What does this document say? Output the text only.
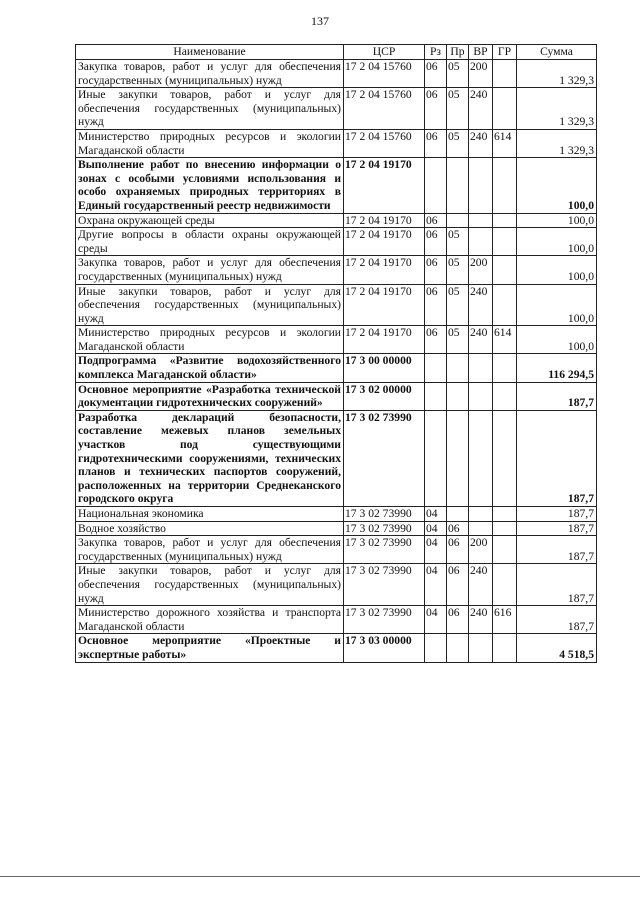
137
Наименование	ЦСР	Рз	Пр	ВР	ГР	Сумма
Закупка товаров, работ и услуг для обеспечения государственных (муниципальных) нужд	17 2 04 15760	06	05	200		1 329,3
Иные закупки товаров, работ и услуг для обеспечения государственных (муниципальных) нужд	17 2 04 15760	06	05	240		1 329,3
Министерство природных ресурсов и экологии Магаданской области	17 2 04 15760	06	05	240	614	1 329,3
Выполнение работ по внесению информации о зонах с особыми условиями использования и особо охраняемых природных территориях в Единый государственный реестр недвижимости	17 2 04 19170					100,0
Охрана окружающей среды	17 2 04 19170	06				100,0
Другие вопросы в области охраны окружающей среды	17 2 04 19170	06	05			100,0
Закупка товаров, работ и услуг для обеспечения государственных (муниципальных) нужд	17 2 04 19170	06	05	200		100,0
Иные закупки товаров, работ и услуг для обеспечения государственных (муниципальных) нужд	17 2 04 19170	06	05	240		100,0
Министерство природных ресурсов и экологии Магаданской области	17 2 04 19170	06	05	240	614	100,0
Подпрограмма «Развитие водохозяйственного комплекса Магаданской области»	17 3 00 00000					116 294,5
Основное мероприятие «Разработка технической документации гидротехнических сооружений»	17 3 02 00000					187,7
Разработка деклараций безопасности, составление межевых планов земельных участков под существующими гидротехническими сооружениями, технических планов и технических паспортов сооружений, расположенных на территории Среднеканского городского округа	17 3 02 73990					187,7
Национальная экономика	17 3 02 73990	04				187,7
Водное хозяйство	17 3 02 73990	04	06			187,7
Закупка товаров, работ и услуг для обеспечения государственных (муниципальных) нужд	17 3 02 73990	04	06	200		187,7
Иные закупки товаров, работ и услуг для обеспечения государственных (муниципальных) нужд	17 3 02 73990	04	06	240		187,7
Министерство дорожного хозяйства и транспорта Магаданской области	17 3 02 73990	04	06	240	616	187,7
Основное мероприятие «Проектные и экспертные работы»	17 3 03 00000					4 518,5
